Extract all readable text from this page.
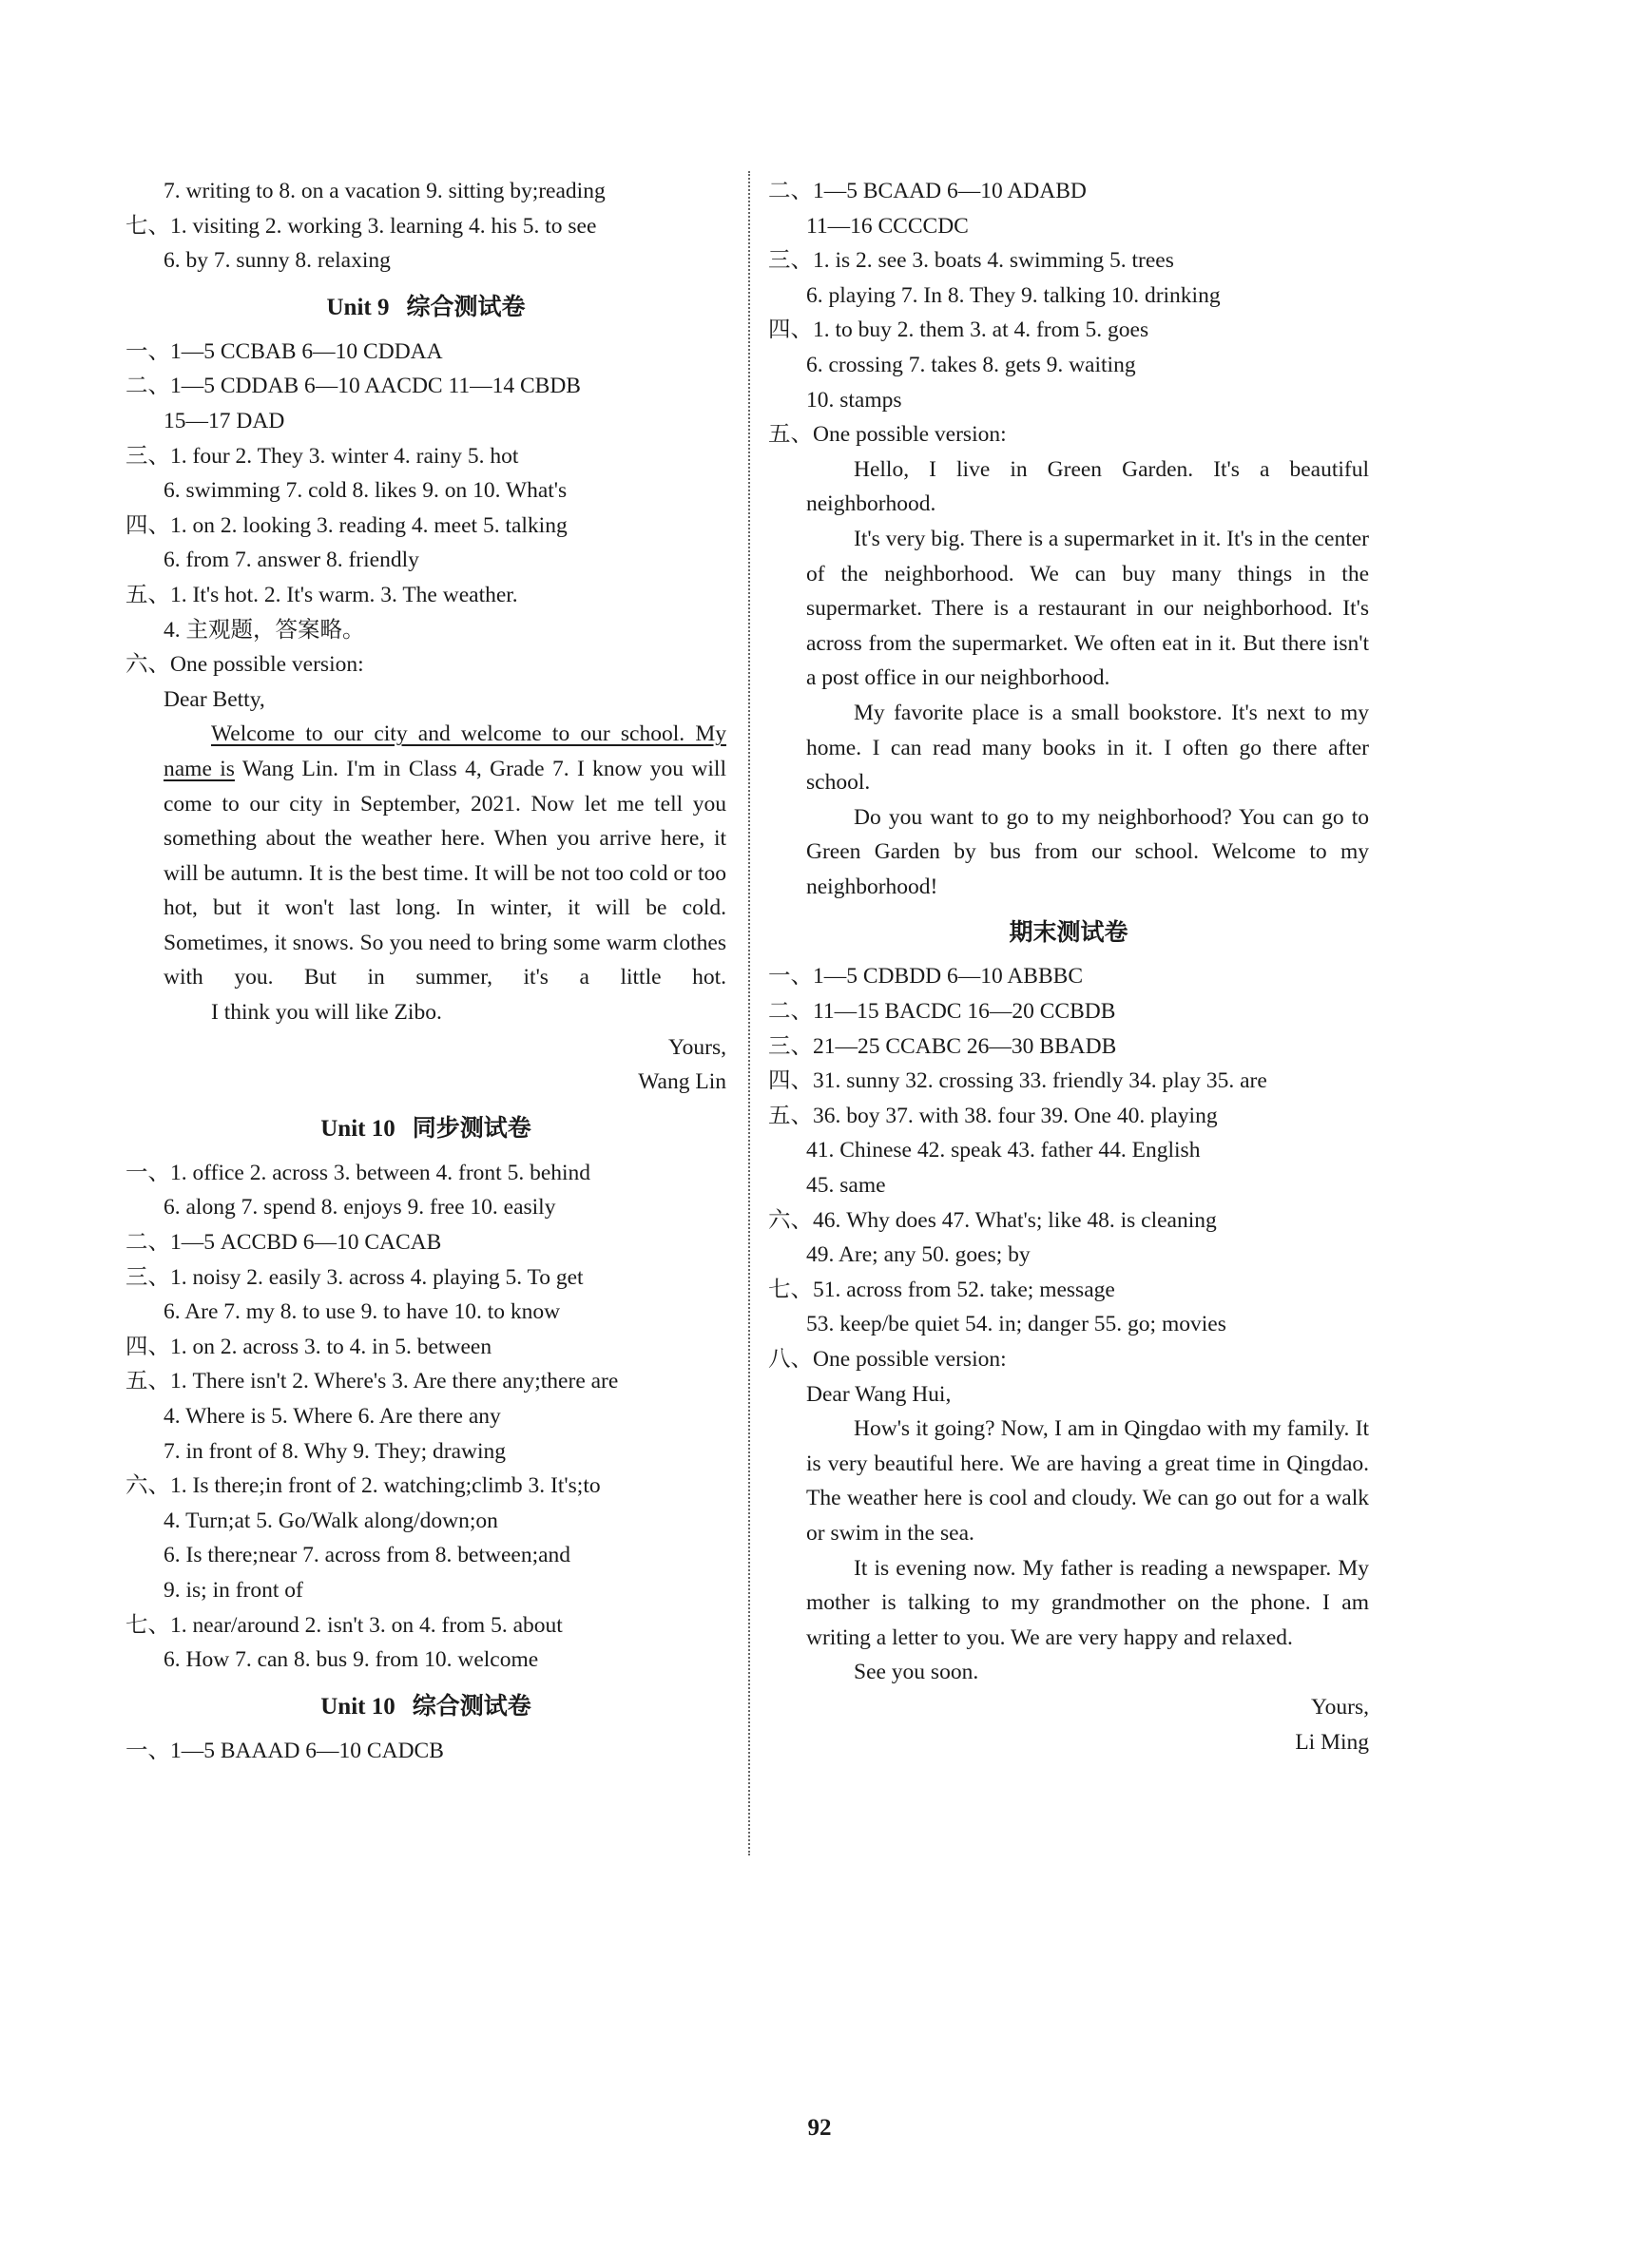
7. writing to 8. on a vacation 9. sitting by;reading
七、1. visiting 2. working 3. learning 4. his 5. to see
6. by 7. sunny 8. relaxing
Unit 9 综合测试卷
一、1—5 CCBAB 6—10 CDDAA
二、1—5 CDDAB 6—10 AACDC 11—14 CBDB
15—17 DAD
三、1. four 2. They 3. winter 4. rainy 5. hot
6. swimming 7. cold 8. likes 9. on 10. What's
四、1. on 2. looking 3. reading 4. meet 5. talking
6. from 7. answer 8. friendly
五、1. It's hot. 2. It's warm. 3. The weather.
4. 主观题，答案略。
六、One possible version:
Dear Betty,
Welcome to our city and welcome to our school. My name is Wang Lin. I'm in Class 4, Grade 7. I know you will come to our city in September, 2021. Now let me tell you something about the weather here. When you arrive here, it will be autumn. It is the best time. It will be not too cold or too hot, but it won't last long. In winter, it will be cold. Sometimes, it snows. So you need to bring some warm clothes with you. But in summer, it's a little hot.
I think you will like Zibo.
Yours,
Wang Lin
Unit 10 同步测试卷
一、1. office 2. across 3. between 4. front 5. behind
6. along 7. spend 8. enjoys 9. free 10. easily
二、1—5 ACCBD 6—10 CACAB
三、1. noisy 2. easily 3. across 4. playing 5. To get
6. Are 7. my 8. to use 9. to have 10. to know
四、1. on 2. across 3. to 4. in 5. between
五、1. There isn't 2. Where's 3. Are there any;there are
4. Where is 5. Where 6. Are there any
7. in front of 8. Why 9. They; drawing
六、1. Is there;in front of 2. watching;climb 3. It's;to
4. Turn;at 5. Go/Walk along/down;on
6. Is there;near 7. across from 8. between;and
9. is; in front of
七、1. near/around 2. isn't 3. on 4. from 5. about
6. How 7. can 8. bus 9. from 10. welcome
Unit 10 综合测试卷
一、1—5 BAAAD 6—10 CADCB
二、1—5 BCAAD 6—10 ADABD
11—16 CCCCDC
三、1. is 2. see 3. boats 4. swimming 5. trees
6. playing 7. In 8. They 9. talking 10. drinking
四、1. to buy 2. them 3. at 4. from 5. goes
6. crossing 7. takes 8. gets 9. waiting
10. stamps
五、One possible version:
Hello, I live in Green Garden. It's a beautiful neighborhood.
It's very big. There is a supermarket in it. It's in the center of the neighborhood. We can buy many things in the supermarket. There is a restaurant in our neighborhood. It's across from the supermarket. We often eat in it. But there isn't a post office in our neighborhood.
My favorite place is a small bookstore. It's next to my home. I can read many books in it. I often go there after school.
Do you want to go to my neighborhood? You can go to Green Garden by bus from our school. Welcome to my neighborhood!
期末测试卷
一、1—5 CDBDD 6—10 ABBBC
二、11—15 BACDC 16—20 CCBDB
三、21—25 CCABC 26—30 BBADB
四、31. sunny 32. crossing 33. friendly 34. play 35. are
五、36. boy 37. with 38. four 39. One 40. playing
41. Chinese 42. speak 43. father 44. English
45. same
六、46. Why does 47. What's; like 48. is cleaning
49. Are; any 50. goes; by
七、51. across from 52. take; message
53. keep/be quiet 54. in; danger 55. go; movies
八、One possible version:
Dear Wang Hui,
How's it going? Now, I am in Qingdao with my family. It is very beautiful here. We are having a great time in Qingdao. The weather here is cool and cloudy. We can go out for a walk or swim in the sea.
It is evening now. My father is reading a newspaper. My mother is talking to my grandmother on the phone. I am writing a letter to you. We are very happy and relaxed.
See you soon.
Yours,
Li Ming
92
